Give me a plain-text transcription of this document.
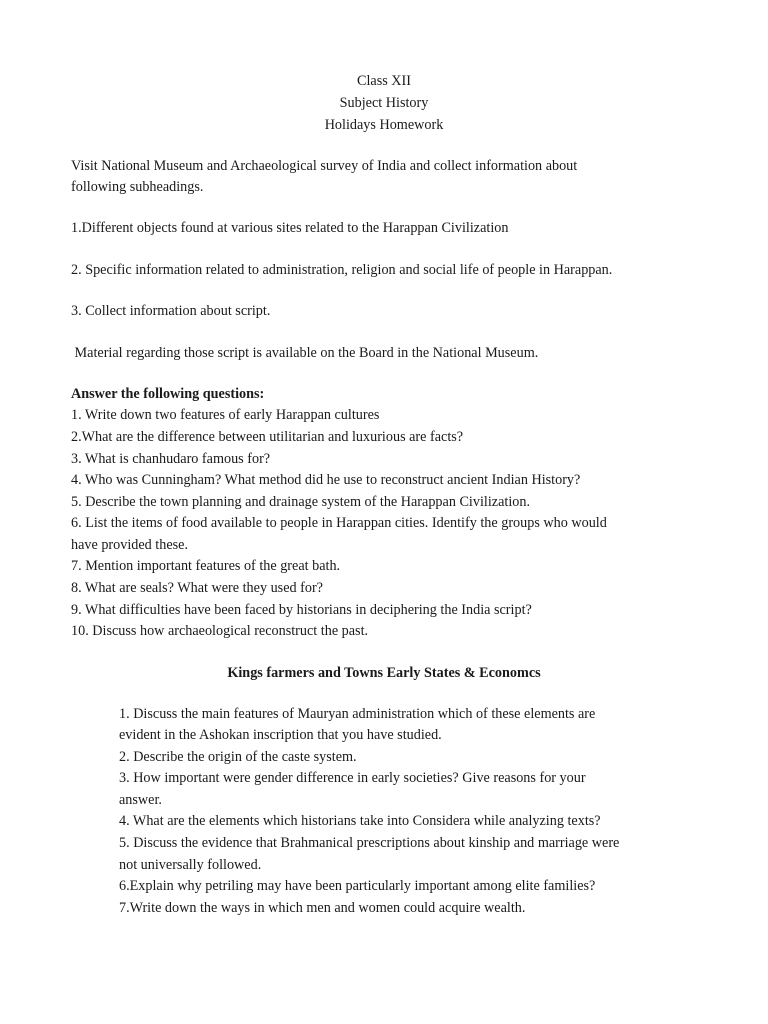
Class XII
Subject History
Holidays Homework
Visit National Museum and Archaeological survey of India and collect information about
following subheadings.
1.Different objects found at various sites related to the Harappan Civilization
2. Specific information related to administration, religion and social life of people in Harappan.
3. Collect information about script.
Material regarding those script is available on the Board in the National Museum.
Answer the following questions:
1. Write down two features of early Harappan cultures
2.What are the difference between utilitarian and luxurious are facts?
3. What is chanhudaro famous for?
4. Who was Cunningham? What method did he use to reconstruct ancient Indian History?
5. Describe the town planning and drainage system of the Harappan Civilization.
6. List the items of food available to people in Harappan cities. Identify the groups who would
have provided these.
7. Mention important features of the great bath.
8. What are seals? What were they used for?
9. What difficulties have been faced by historians in deciphering the India script?
10. Discuss how archaeological reconstruct the past.
Kings farmers and Towns Early States & Economcs
1. Discuss the main features of Mauryan administration which of these elements are
evident in the Ashokan inscription that you have studied.
2. Describe the origin of the caste system.
3. How important were gender difference in early societies? Give reasons for your
answer.
4. What are the elements which historians take into Considera while analyzing texts?
5. Discuss the evidence that Brahmanical prescriptions about kinship and marriage were
not universally followed.
6.Explain why petriling may have been particularly important among elite families?
7.Write down the ways in which men and women could acquire wealth.
